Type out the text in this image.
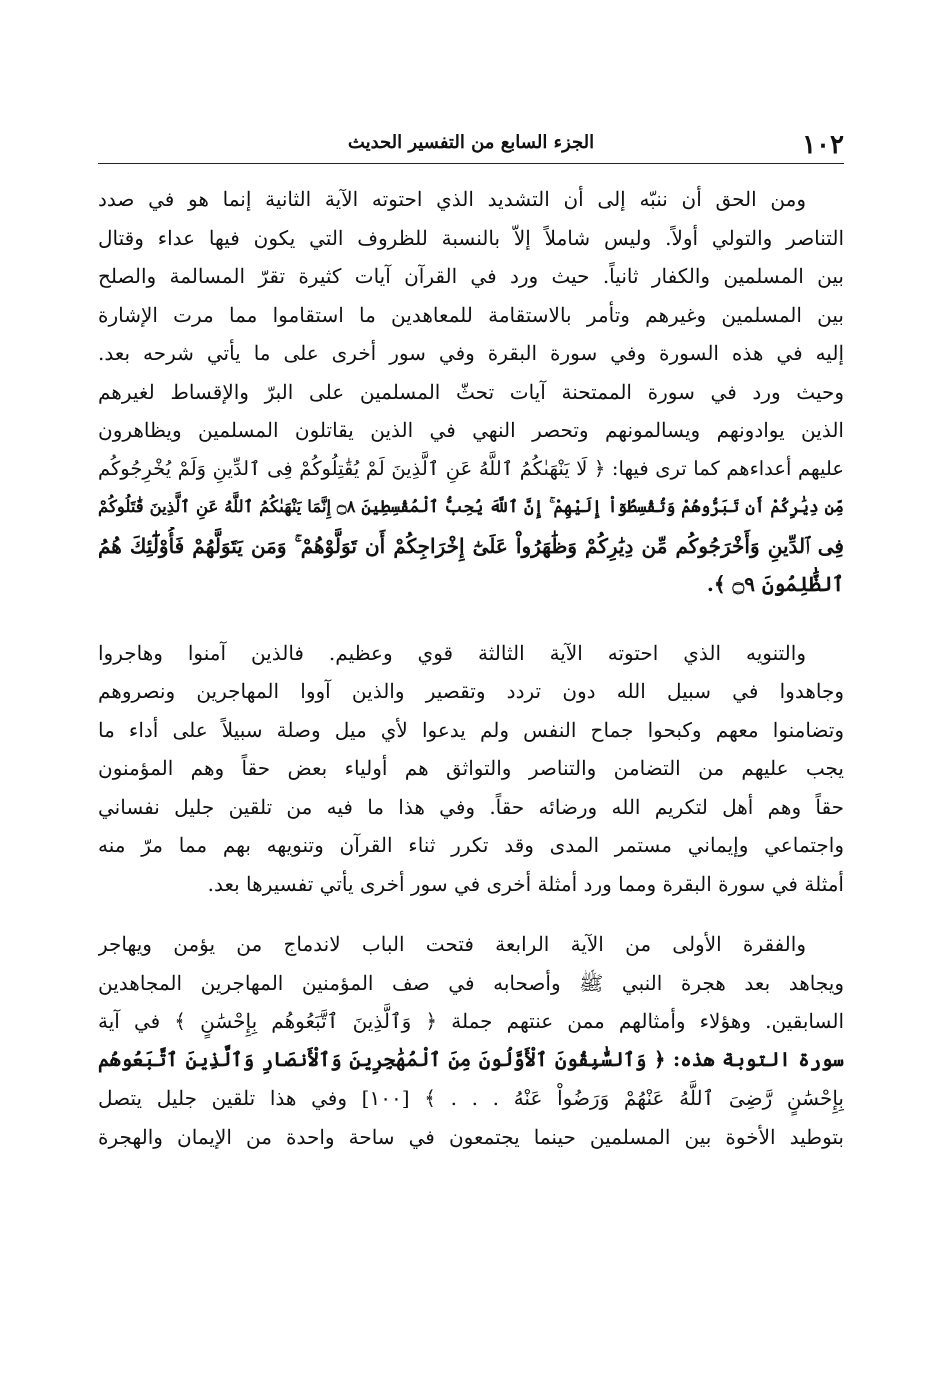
١٠٢
الجزء السابع من التفسير الحديث
ومن الحق أن ننبّه إلى أن التشديد الذي احتوته الآية الثانية إنما هو في صدد
التناصر والتولي أولاً. وليس شاملاً إلاّ بالنسبة للظروف التي يكون فيها عداء وقتال
بين المسلمين والكفار ثانياً. حيث ورد في القرآن آيات كثيرة تقرّ المسالمة والصلح
بين المسلمين وغيرهم وتأمر بالاستقامة للمعاهدين ما استقاموا مما مرت الإشارة
إليه في هذه السورة وفي سورة البقرة وفي سور أخرى على ما يأتي شرحه بعد.
وحيث ورد في سورة الممتحنة آيات تحثّ المسلمين على البرّ والإقساط لغيرهم
الذين يوادونهم ويسالمونهم وتحصر النهي في الذين يقاتلون المسلمين ويظاهرون
عليهم أعداءهم كما ترى فيها: ﴿ لَا يَنْهَىٰكُمُ ٱللَّهُ عَنِ ٱلَّذِينَ لَمْ يُقَٰتِلُوكُمْ فِى ٱلدِّينِ وَلَمْ يُخْرِجُوكُم
مِّن دِيَٰرِكُمْ أَن تَبَرُّوهُمْ وَتُقْسِطُوٓاْ إِلَيْهِمْ ۚ إِنَّ ٱللَّهَ يُحِبُّ ٱلْمُقْسِطِينَ ۝٨ إِنَّمَا يَنْهَىٰكُمُ ٱللَّهُ عَنِ ٱلَّذِينَ قَٰتَلُوكُمْ
فِى ٱلدِّينِ وَأَخْرَجُوكُم مِّن دِيَٰرِكُمْ وَظَٰهَرُواْ عَلَىٰٓ إِخْرَاجِكُمْ أَن تَوَلَّوْهُمْ ۚ وَمَن يَتَوَلَّهُمْ فَأُوْلَٰٓئِكَ هُمُ
ٱلظَّٰلِمُونَ ۝٩ ﴾.
والتنويه الذي احتوته الآية الثالثة قوي وعظيم. فالذين آمنوا وهاجروا
وجاهدوا في سبيل الله دون تردد وتقصير والذين آووا المهاجرين ونصروهم
وتضامنوا معهم وكبحوا جماح النفس ولم يدعوا لأي ميل وصلة سبيلاً على أداء ما
يجب عليهم من التضامن والتناصر والتواثق هم أولياء بعض حقاً وهم المؤمنون
حقاً وهم أهل لتكريم الله ورضائه حقاً. وفي هذا ما فيه من تلقين جليل نفساني
واجتماعي وإيماني مستمر المدى وقد تكرر ثناء القرآن وتنويهه بهم مما مرّ منه
أمثلة في سورة البقرة ومما ورد أمثلة أخرى في سور أخرى يأتي تفسيرها بعد.
والفقرة الأولى من الآية الرابعة فتحت الباب لاندماج من يؤمن ويهاجر
ويجاهد بعد هجرة النبي ﷺ وأصحابه في صف المؤمنين المهاجرين المجاهدين
السابقين. وهؤلاء وأمثالهم ممن عنتهم جملة ﴿ وَٱلَّذِينَ ٱتَّبَعُوهُم بِإِحْسَٰنٍ ﴾ في آية
سورة التوبة هذه: ﴿ وَٱلسَّٰبِقُونَ ٱلْأَوَّلُونَ مِنَ ٱلْمُهَٰجِرِينَ وَٱلْأَنصَارِ وَٱلَّذِينَ ٱتَّبَعُوهُم
بِإِحْسَٰنٍ رَّضِىَ ٱللَّهُ عَنْهُمْ وَرَضُواْ عَنْهُ . . . ﴾ [١٠٠] وفي هذا تلقين جليل يتصل
بتوطيد الأخوة بين المسلمين حينما يجتمعون في ساحة واحدة من الإيمان والهجرة
